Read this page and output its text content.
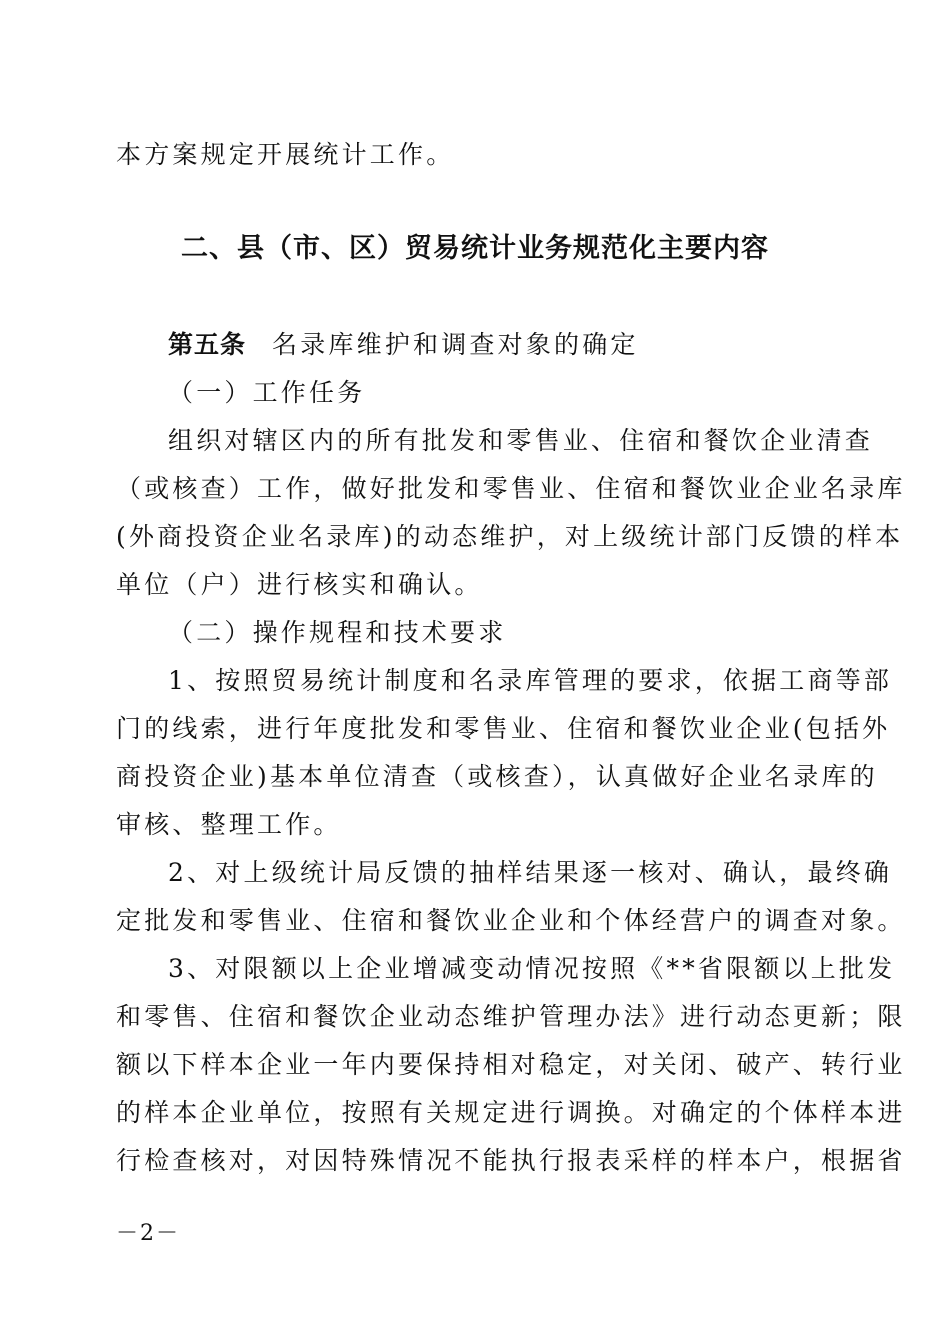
本方案规定开展统计工作。
二、县（市、区）贸易统计业务规范化主要内容
第五条 名录库维护和调查对象的确定
（一）工作任务
组织对辖区内的所有批发和零售业、住宿和餐饮企业清查
（或核查）工作，做好批发和零售业、住宿和餐饮业企业名录库
(外商投资企业名录库)的动态维护，对上级统计部门反馈的样本
单位（户）进行核实和确认。
（二）操作规程和技术要求
1、按照贸易统计制度和名录库管理的要求，依据工商等部
门的线索，进行年度批发和零售业、住宿和餐饮业企业(包括外
商投资企业)基本单位清查（或核查），认真做好企业名录库的
审核、整理工作。
2、对上级统计局反馈的抽样结果逐一核对、确认，最终确
定批发和零售业、住宿和餐饮业企业和个体经营户的调查对象。
3、对限额以上企业增减变动情况按照《**省限额以上批发
和零售、住宿和餐饮企业动态维护管理办法》进行动态更新；限
额以下样本企业一年内要保持相对稳定，对关闭、破产、转行业
的样本企业单位，按照有关规定进行调换。对确定的个体样本进
行检查核对，对因特殊情况不能执行报表采样的样本户，根据省
－2－
